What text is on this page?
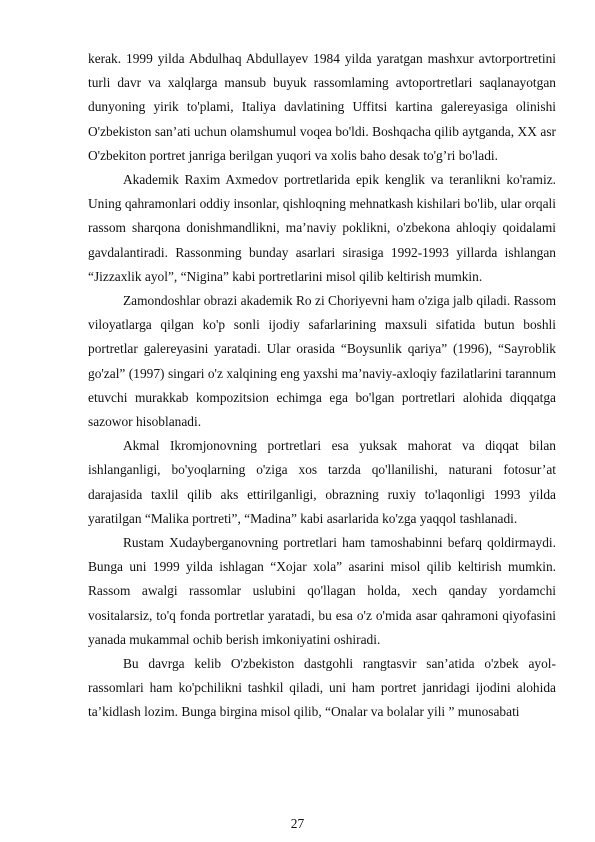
kerak. 1999 yilda Abdulhaq Abdullayev 1984 yilda yaratgan mashxur avtorportretini turli davr va xalqlarga mansub buyuk rassomlaming avtoportretlari saqlanayotgan dunyoning yirik to'plami, Italiya davlatining Uffitsi kartina galereyasiga olinishi O'zbekiston san’ati uchun olamshumul voqea bo'ldi. Boshqacha qilib aytganda, XX asr O'zbekiton portret janriga berilgan yuqori va xolis baho desak to'g’ri bo'ladi.

Akademik Raxim Axmedov portretlarida epik kenglik va teranlikni ko'ramiz. Uning qahramonlari oddiy insonlar, qishloqning mehnatkash kishilari bo'lib, ular orqali rassom sharqona donishmandlikni, ma’naviy poklikni, o'zbekona ahloqiy qoidalami gavdalantiradi. Rassonming bunday asarlari sirasiga 1992-1993 yillarda ishlangan “Jizzaxlik ayol”, “Nigina” kabi portretlarini misol qilib keltirish mumkin.

Zamondoshlar obrazi akademik Ro zi Choriyevni ham o'ziga jalb qiladi. Rassom viloyatlarga qilgan ko'p sonli ijodiy safarlarining maxsuli sifatida butun boshli portretlar galereyasini yaratadi. Ular orasida “Boysunlik qariya” (1996), “Sayroblik go'zal” (1997) singari o'z xalqining eng yaxshi ma’naviy-axloqiy fazilatlarini tarannum etuvchi murakkab kompozitsion echimga ega bo'lgan portretlari alohida diqqatga sazowor hisoblanadi.

Akmal Ikromjonovning portretlari esa yuksak mahorat va diqqat bilan ishlanganligi, bo'yoqlarning o'ziga xos tarzda qo'llanilishi, naturani fotosur’at darajasida taxlil qilib aks ettirilganligi, obrazning ruxiy to'laqonligi 1993 yilda yaratilgan “Malika portreti”, “Madina” kabi asarlarida ko'zga yaqqol tashlanadi.

Rustam Xudayberganovning portretlari ham tamoshabinni befarq qoldirmaydi. Bunga uni 1999 yilda ishlagan “Xojar xola” asarini misol qilib keltirish mumkin. Rassom awalgi rassomlar uslubini qo'llagan holda, xech qanday yordamchi vositalarsiz, to'q fonda portretlar yaratadi, bu esa o'z o'mida asar qahramoni qiyofasini yanada mukammal ochib berish imkoniyatini oshiradi.

Bu davrga kelib O'zbekiston dastgohli rangtasvir san’atida o'zbek ayol-rassomlari ham ko'pchilikni tashkil qiladi, uni ham portret janridagi ijodini alohida ta’kidlash lozim. Bunga birgina misol qilib, “Onalar va bolalar yili ” munosabati

27
